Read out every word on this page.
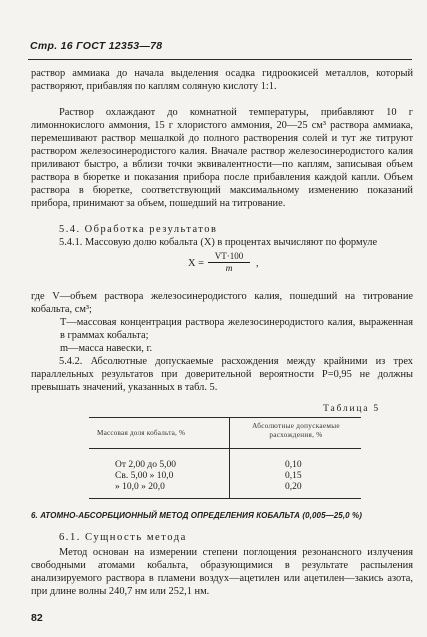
Стр. 16 ГОСТ 12353—78

раствор аммиака до начала выделения осадка гидроокисей металлов, который растворяют, прибавляя по каплям соляную кислоту 1:1.

Раствор охлаждают до комнатной температуры, прибавляют 10 г лимоннокислого аммония, 15 г хлористого аммония, 20—25 см³ раствора аммиака, перемешивают раствор мешалкой до полного растворения солей и тут же титруют раствором железосинеродистого калия. Вначале раствор железосинеродистого калия приливают быстро, а вблизи точки эквивалентности—по каплям, записывая объем раствора в бюретке и показания прибора после прибавления каждой капли. Объем раствора в бюретке, соответствующий максимальному изменению показаний прибора, принимают за объем, пошедший на титрование.

5.4. Обработка результатов

5.4.1. Массовую долю кобальта (X) в процентах вычисляют по формуле

$X = \frac{VT\cdot 100}{m}$ ,

где V—объем раствора железосинеродистого калия, пошедший на титрование кобальта, см³;

T—массовая концентрация раствора железосинеродистого калия, выраженная в граммах кобальта;

m—масса навески, г.

5.4.2. Абсолютные допускаемые расхождения между крайними из трех параллельных результатов при доверительной вероятности P=0,95 не должны превышать значений, указанных в табл. 5.

Таблица 5
Массовая доля кобальта, %
Абсолютные допускаемые расхождения, %
От 2,00 до 5,00
Св. 5,00 » 10,0
» 10,0 » 20,0
0,10
0,15
0,20
6. АТОМНО-АБСОРБЦИОННЫЙ МЕТОД ОПРЕДЕЛЕНИЯ КОБАЛЬТА (0,005—25,0 %)
6.1. Сущность метода

Метод основан на измерении степени поглощения резонансного излучения свободными атомами кобальта, образующимися в результате распыления анализируемого раствора в пламени воздух—ацетилен или ацетилен—закись азота, при длине волны 240,7 нм или 252,1 нм.

82
